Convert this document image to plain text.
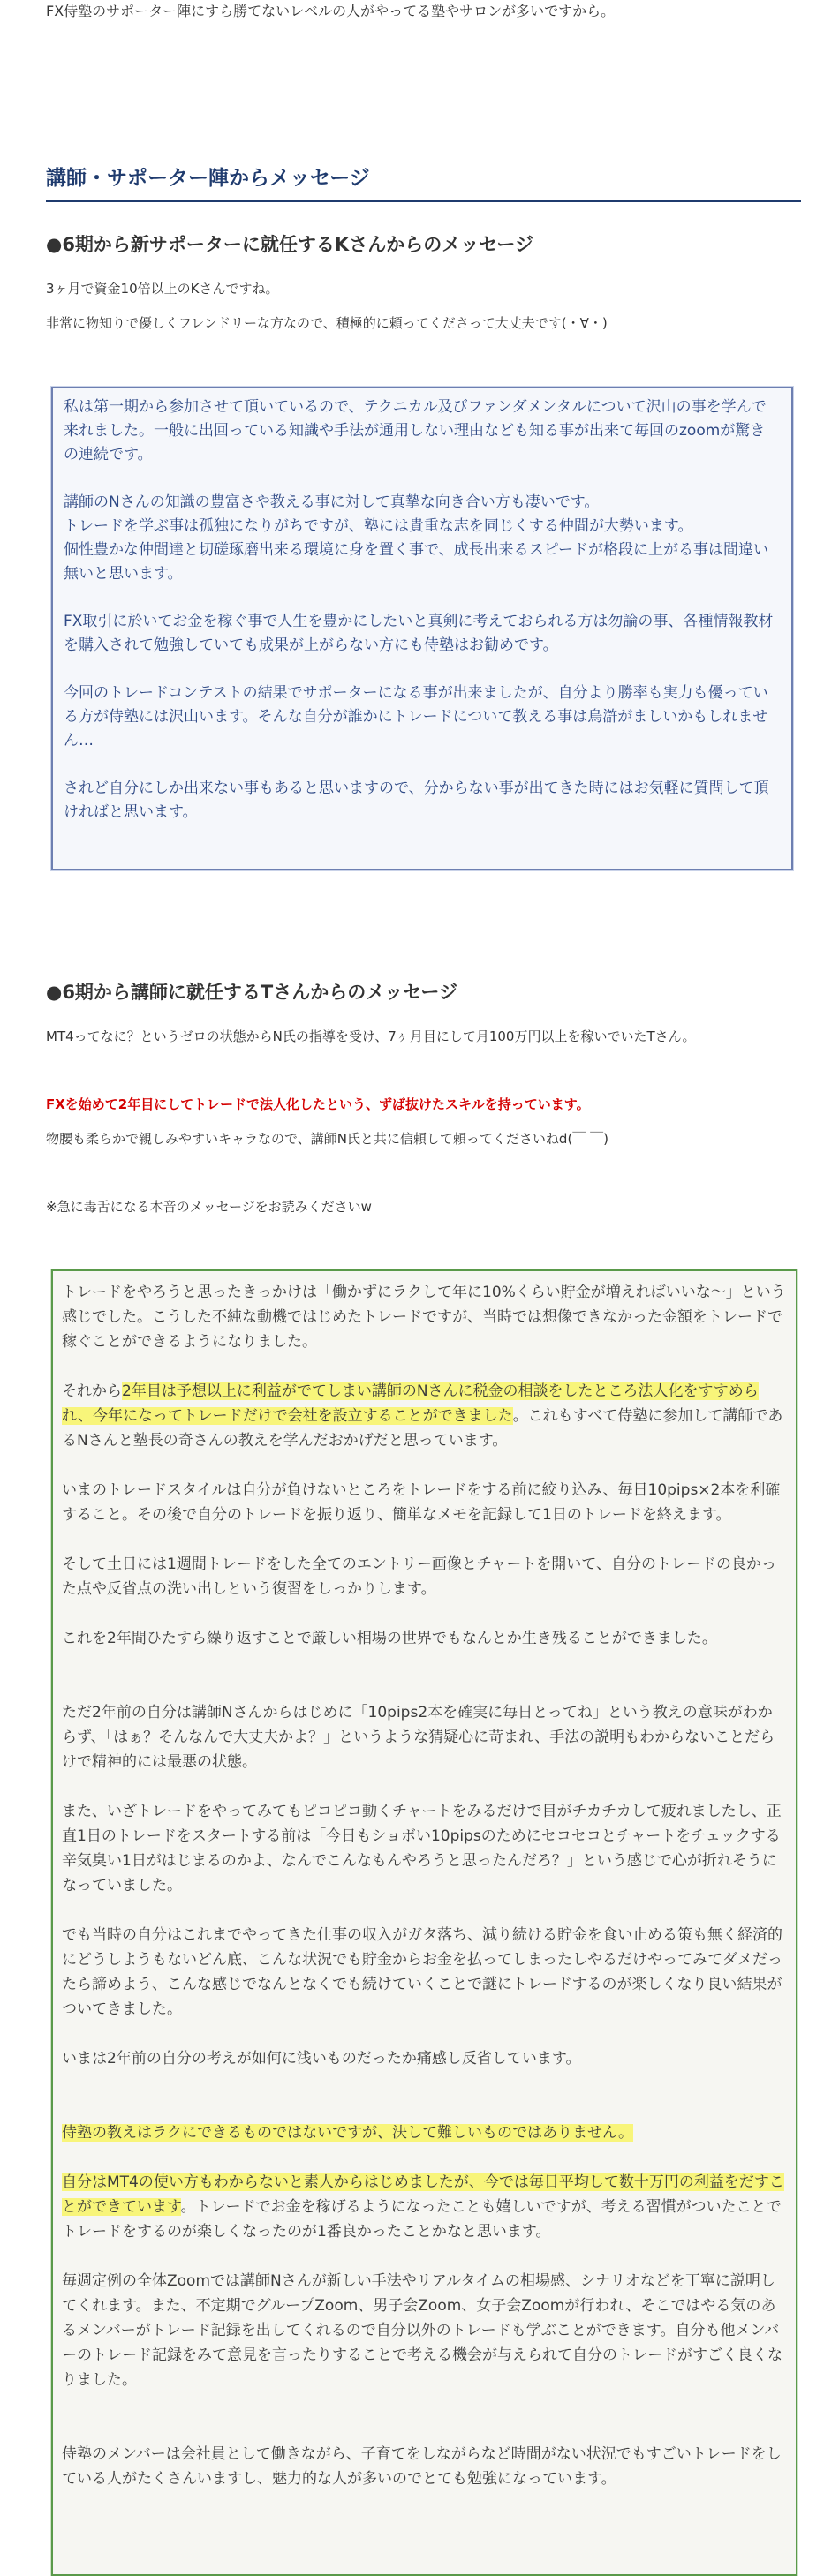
FX侍塾のサポーター陣にすら勝てないレベルの人がやってる塾やサロンが多いですから。

講師・サポーター陣からメッセージ
●6期から新サポーターに就任するKさんからのメッセージ

3ヶ月で資金10倍以上のKさんですね。

非常に物知りで優しくフレンドリーな方なので、積極的に頼ってくださって大丈夫です(・∀・)

私は第一期から参加させて頂いているので、テクニカル及びファンダメンタルについて沢山の事を学んで来れました。一般に出回っている知識や手法が通用しない理由なども知る事が出来て毎回のzoomが驚きの連続です。
講師のNさんの知識の豊富さや教える事に対して真摯な向き合い方も凄いです。
トレードを学ぶ事は孤独になりがちですが、塾には貴重な志を同じくする仲間が大勢います。
個性豊かな仲間達と切磋琢磨出来る環境に身を置く事で、成長出来るスピードが格段に上がる事は間違い無いと思います。
FX取引に於いてお金を稼ぐ事で人生を豊かにしたいと真剣に考えておられる方は勿論の事、各種情報教材を購入されて勉強していても成果が上がらない方にも侍塾はお勧めです。
今回のトレードコンテストの結果でサポーターになる事が出来ましたが、自分より勝率も実力も優っている方が侍塾には沢山います。そんな自分が誰かにトレードについて教える事は烏滸がましいかもしれません…
されど自分にしか出来ない事もあると思いますので、分からない事が出てきた時にはお気軽に質問して頂ければと思います。
●6期から講師に就任するTさんからのメッセージ

MT4ってなに？というゼロの状態からN氏の指導を受け、7ヶ月目にして月100万円以上を稼いでいたTさん。

FXを始めて2年目にしてトレードで法人化したという、ずば抜けたスキルを持っています。

物腰も柔らかで親しみやすいキャラなので、講師N氏と共に信頼して頼ってくださいねd(￣ ￣)

※急に毒舌になる本音のメッセージをお読みくださいw

トレードをやろうと思ったきっかけは「働かずにラクして年に10%くらい貯金が増えればいいな〜」という感じでした。こうした不純な動機ではじめたトレードですが、当時では想像できなかった金額をトレードで稼ぐことができるようになりました。
それから2年目は予想以上に利益がでてしまい講師のNさんに税金の相談をしたところ法人化をすすめられ、今年になってトレードだけで会社を設立することができました。これもすべて侍塾に参加して講師であるNさんと塾長の奇さんの教えを学んだおかげだと思っています。
いまのトレードスタイルは自分が負けないところをトレードをする前に絞り込み、毎日10pips×2本を利確すること。その後で自分のトレードを振り返り、簡単なメモを記録して1日のトレードを終えます。
そして土日には1週間トレードをした全てのエントリー画像とチャートを開いて、自分のトレードの良かった点や反省点の洗い出しという復習をしっかりします。
これを2年間ひたすら繰り返すことで厳しい相場の世界でもなんとか生き残ることができました。
ただ2年前の自分は講師Nさんからはじめに「10pips2本を確実に毎日とってね」という教えの意味がわからず、「はぁ？そんなんで大丈夫かよ？」というような猜疑心に苛まれ、手法の説明もわからないことだらけで精神的には最悪の状態。
また、いざトレードをやってみてもピコピコ動くチャートをみるだけで目がチカチカして疲れましたし、正直1日のトレードをスタートする前は「今日もショボい10pipsのためにセコセコとチャートをチェックする辛気臭い1日がはじまるのかよ、なんでこんなもんやろうと思ったんだろ？」という感じで心が折れそうになっていました。
でも当時の自分はこれまでやってきた仕事の収入がガタ落ち、減り続ける貯金を食い止める策も無く経済的にどうしようもないどん底、こんな状況でも貯金からお金を払ってしまったしやるだけやってみてダメだったら諦めよう、こんな感じでなんとなくでも続けていくことで謎にトレードするのが楽しくなり良い結果がついてきました。
いまは2年前の自分の考えが如何に浅いものだったか痛感し反省しています。
侍塾の教えはラクにできるものではないですが、決して難しいものではありません。
自分はMT4の使い方もわからないと素人からはじめましたが、今では毎日平均して数十万円の利益をだすことができています。トレードでお金を稼げるようになったことも嬉しいですが、考える習慣がついたことでトレードをするのが楽しくなったのが1番良かったことかなと思います。
毎週定例の全体Zoomでは講師Nさんが新しい手法やリアルタイムの相場感、シナリオなどを丁寧に説明してくれます。また、不定期でグループZoom、男子会Zoom、女子会Zoomが行われ、そこではやる気のあるメンバーがトレード記録を出してくれるので自分以外のトレードも学ぶことができます。自分も他メンバーのトレード記録をみて意見を言ったりすることで考える機会が与えられて自分のトレードがすごく良くなりました。
侍塾のメンバーは会社員として働きながら、子育てをしながらなど時間がない状況でもすごいトレードをしている人がたくさんいますし、魅力的な人が多いのでとても勉強になっています。
